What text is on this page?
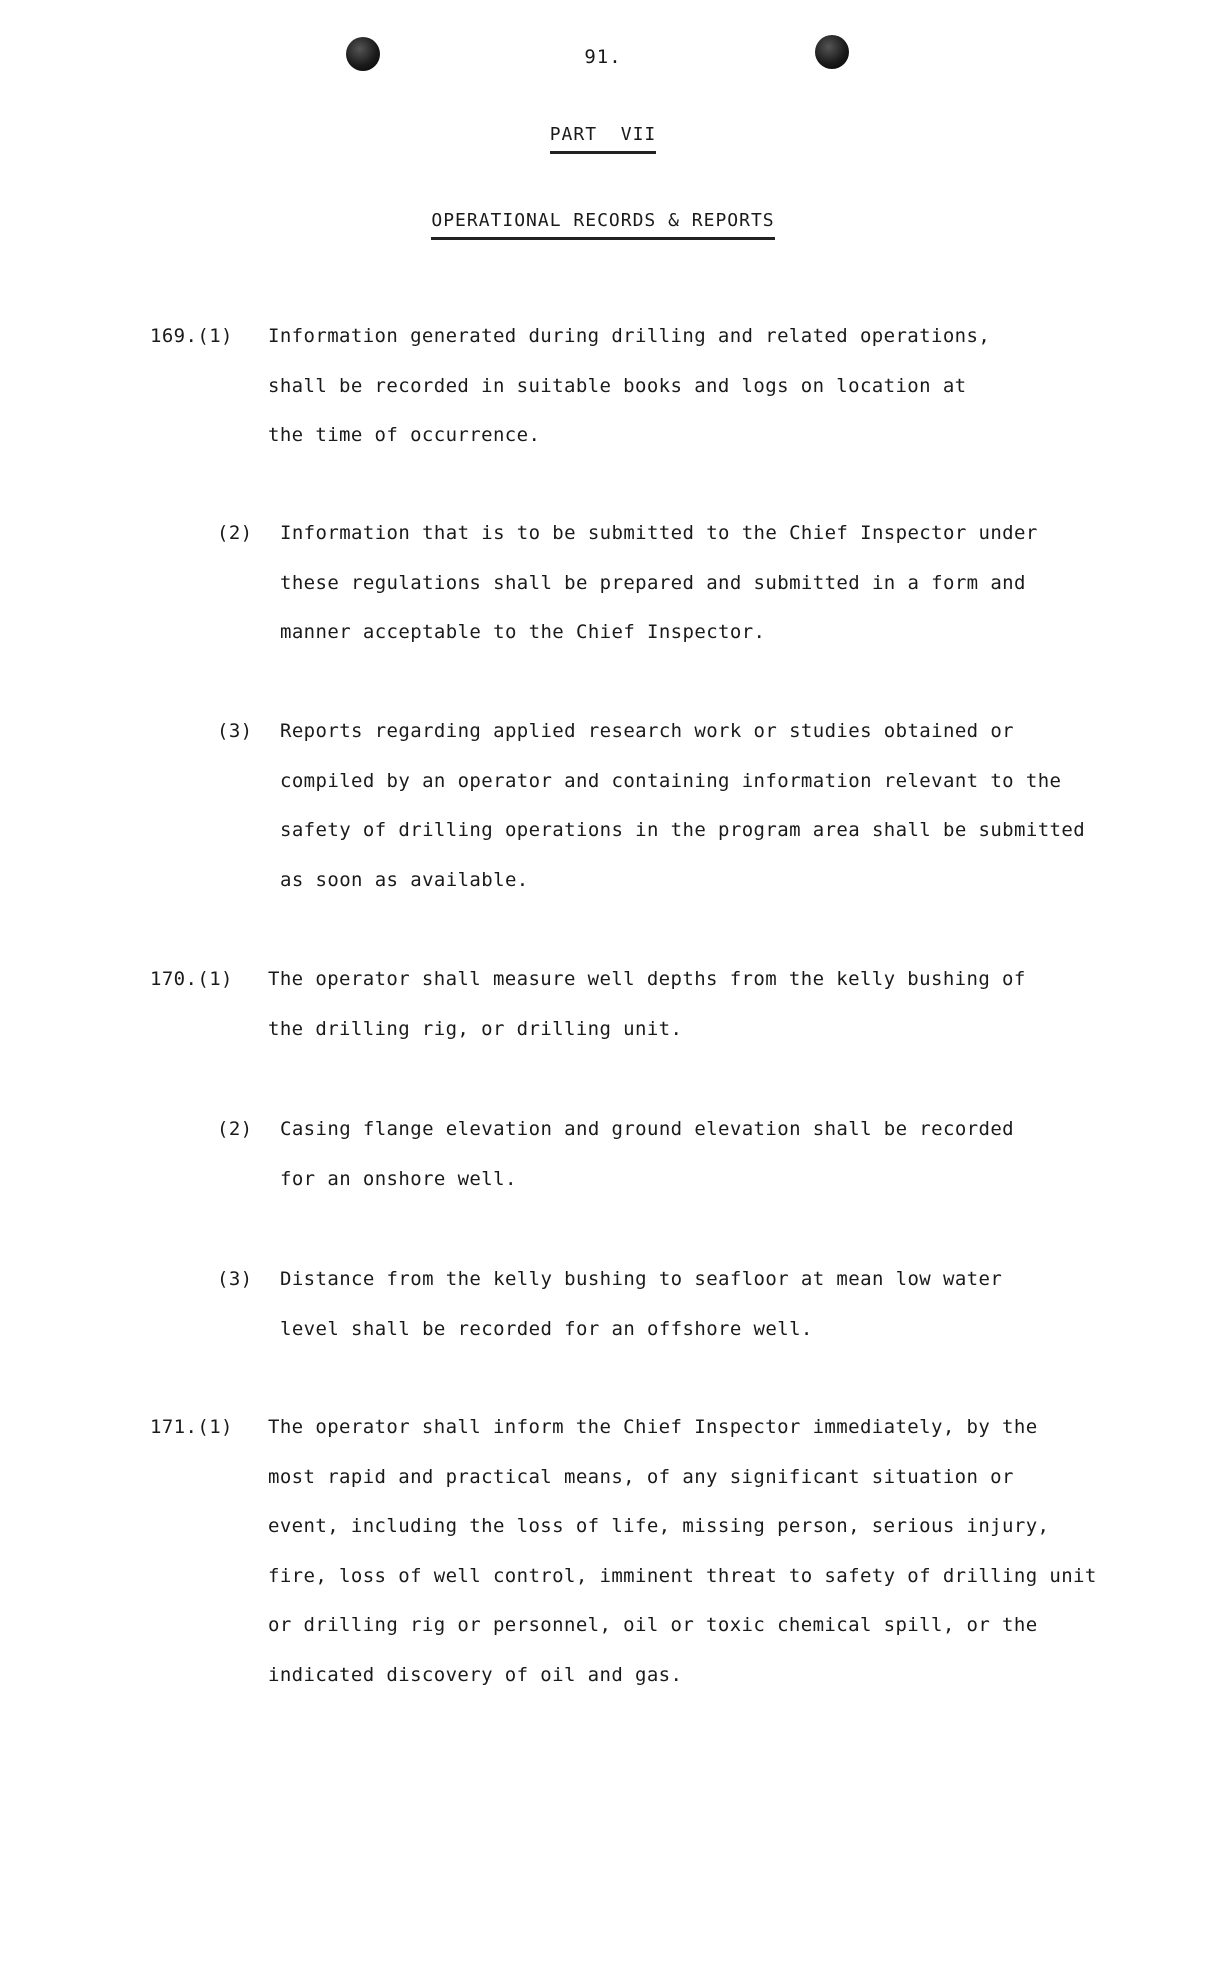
91.
PART  VII
OPERATIONAL RECORDS & REPORTS
169.(1) Information generated during drilling and related operations,
shall be recorded in suitable books and logs on location at
the time of occurrence.
(2) Information that is to be submitted to the Chief Inspector under
these regulations shall be prepared and submitted in a form and
manner acceptable to the Chief Inspector.
(3) Reports regarding applied research work or studies obtained or
compiled by an operator and containing information relevant to the
safety of drilling operations in the program area shall be submitted
as soon as available.
170.(1) The operator shall measure well depths from the kelly bushing of
the drilling rig, or drilling unit.
(2) Casing flange elevation and ground elevation shall be recorded
for an onshore well.
(3) Distance from the kelly bushing to seafloor at mean low water
level shall be recorded for an offshore well.
171.(1) The operator shall inform the Chief Inspector immediately, by the
most rapid and practical means, of any significant situation or
event, including the loss of life, missing person, serious injury,
fire, loss of well control, imminent threat to safety of drilling unit
or drilling rig or personnel, oil or toxic chemical spill, or the
indicated discovery of oil and gas.
